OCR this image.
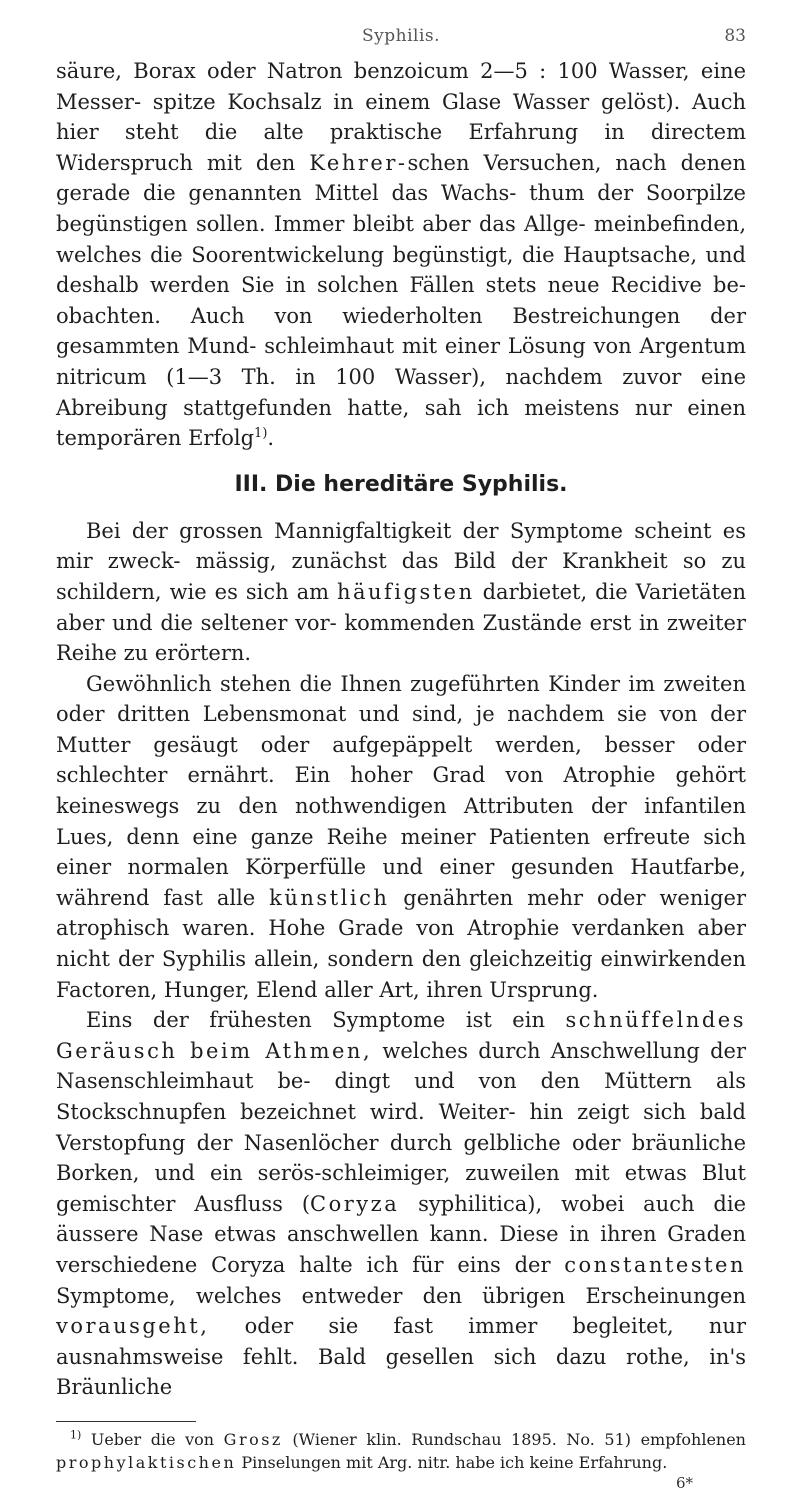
Syphilis.	83

säure, Borax oder Natron benzoicum 2—5 : 100 Wasser, eine Messer- spitze Kochsalz in einem Glase Wasser gelöst). Auch hier steht die alte praktische Erfahrung in directem Widerspruch mit den Kehrer-schen Versuchen, nach denen gerade die genannten Mittel das Wachs- thum der Soorpilze begünstigen sollen. Immer bleibt aber das Allge- meinbefinden, welches die Soorentwickelung begünstigt, die Hauptsache, und deshalb werden Sie in solchen Fällen stets neue Recidive be- obachten. Auch von wiederholten Bestreichungen der gesammten Mund- schleimhaut mit einer Lösung von Argentum nitricum (1—3 Th. in 100 Wasser), nachdem zuvor eine Abreibung stattgefunden hatte, sah ich meistens nur einen temporären Erfolg$^{1)}$.

III. Die hereditäre Syphilis.

Bei der grossen Mannigfaltigkeit der Symptome scheint es mir zweck- mässig, zunächst das Bild der Krankheit so zu schildern, wie es sich am häufigsten darbietet, die Varietäten aber und die seltener vor- kommenden Zustände erst in zweiter Reihe zu erörtern.

Gewöhnlich stehen die Ihnen zugeführten Kinder im zweiten oder dritten Lebensmonat und sind, je nachdem sie von der Mutter gesäugt oder aufgepäppelt werden, besser oder schlechter ernährt. Ein hoher Grad von Atrophie gehört keineswegs zu den nothwendigen Attributen der infantilen Lues, denn eine ganze Reihe meiner Patienten erfreute sich einer normalen Körperfülle und einer gesunden Hautfarbe, während fast alle künstlich genährten mehr oder weniger atrophisch waren. Hohe Grade von Atrophie verdanken aber nicht der Syphilis allein, sondern den gleichzeitig einwirkenden Factoren, Hunger, Elend aller Art, ihren Ursprung.

Eins der frühesten Symptome ist ein schnüffelndes Geräusch beim Athmen, welches durch Anschwellung der Nasenschleimhaut be- dingt und von den Müttern als Stockschnupfen bezeichnet wird. Weiter- hin zeigt sich bald Verstopfung der Nasenlöcher durch gelbliche oder bräunliche Borken, und ein serös-schleimiger, zuweilen mit etwas Blut gemischter Ausfluss (Coryza syphilitica), wobei auch die äussere Nase etwas anschwellen kann. Diese in ihren Graden verschiedene Coryza halte ich für eins der constantesten Symptome, welches entweder den übrigen Erscheinungen vorausgeht, oder sie fast immer begleitet, nur ausnahmsweise fehlt. Bald gesellen sich dazu rothe, in's Bräunliche

$^{1)}$ Ueber die von Grosz (Wiener klin. Rundschau 1895. No. 51) empfohlenen prophylaktischen Pinselungen mit Arg. nitr. habe ich keine Erfahrung.

6*
